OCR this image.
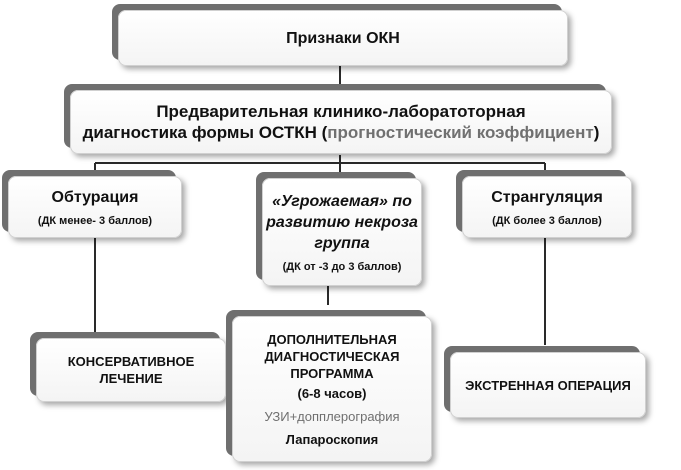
Признаки ОКН
Предварительная клинико-лаборатоторная
диагностика формы ОСТКН (прогностический коэффициент)
Обтурация
(ДК менее- 3 баллов)
«Угрожаемая» по
развитию некроза
группа
(ДК от -3 до 3 баллов)
Странгуляция
(ДК более 3 баллов)
КОНСЕРВАТИВНОЕ
ЛЕЧЕНИЕ
ДОПОЛНИТЕЛЬНАЯ
ДИАГНОСТИЧЕСКАЯ
ПРОГРАММА
(6-8 часов)
УЗИ+допплерография
Лапароскопия
ЭКСТРЕННАЯ ОПЕРАЦИЯ
